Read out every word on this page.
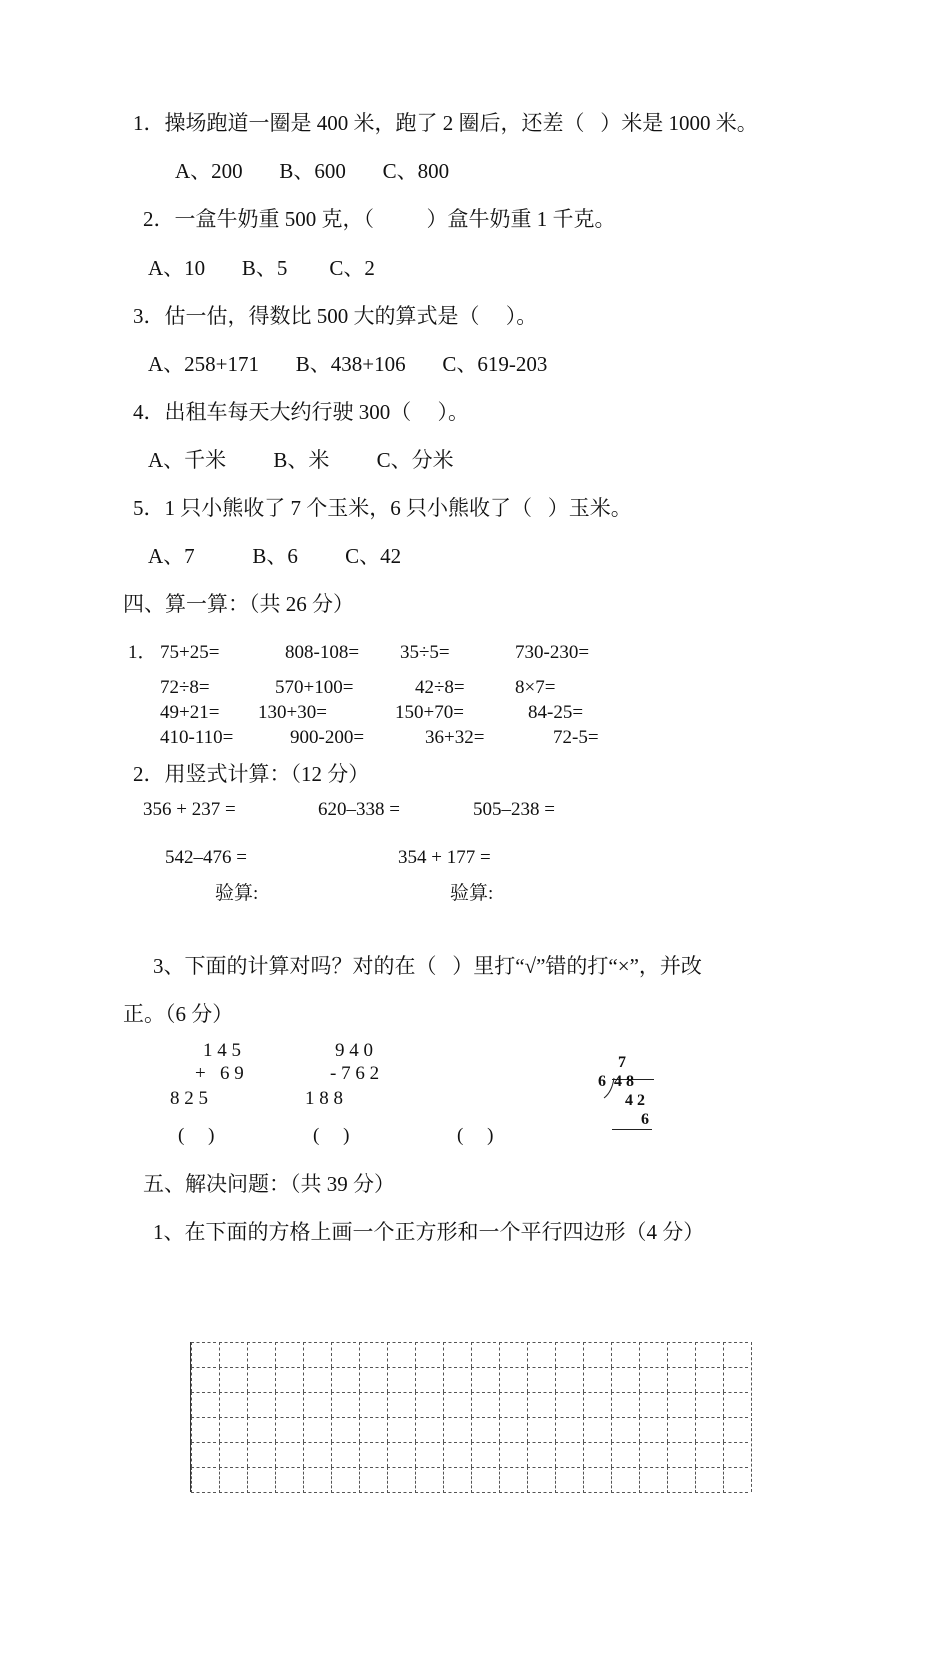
1．操场跑道一圈是 400 米，跑了 2 圈后，还差（   ）米是 1000 米。
A、200       B、600       C、800
2．一盒牛奶重 500 克，（          ）盒牛奶重 1 千克。
A、10       B、5        C、2
3．估一估，得数比 500 大的算式是（     ）。
A、258+171       B、438+106       C、619-203
4．出租车每天大约行驶 300（     ）。
A、千米         B、米         C、分米
5．1 只小熊收了 7 个玉米，6 只小熊收了（   ）玉米。
A、7           B、6         C、42
四、算一算：（共 26 分）
1． 75+25=	808-108= 35÷5=	730-230=
72÷8=	570+100=	42÷8=	8×7=
49+21= 130+30=	150+70=	84-25=
410-110=	900-200=	36+32=	72-5=
2．用竖式计算：（12 分）
356 + 237 =	620–338 =	505–238 =
542–476 =	354 + 177 =
验算:	验算:
3、下面的计算对吗？对的在（   ）里打“√”错的打“×”，并改
正。（6 分）
1 4 5
+   6 9
8 2 5
9 4 0
- 7 6 2
1 8 8
7
6 4 8
4 2
6
(     )	(     )	(     )
五、解决问题：（共 39 分）
1、在下面的方格上画一个正方形和一个平行四边形（4 分）
